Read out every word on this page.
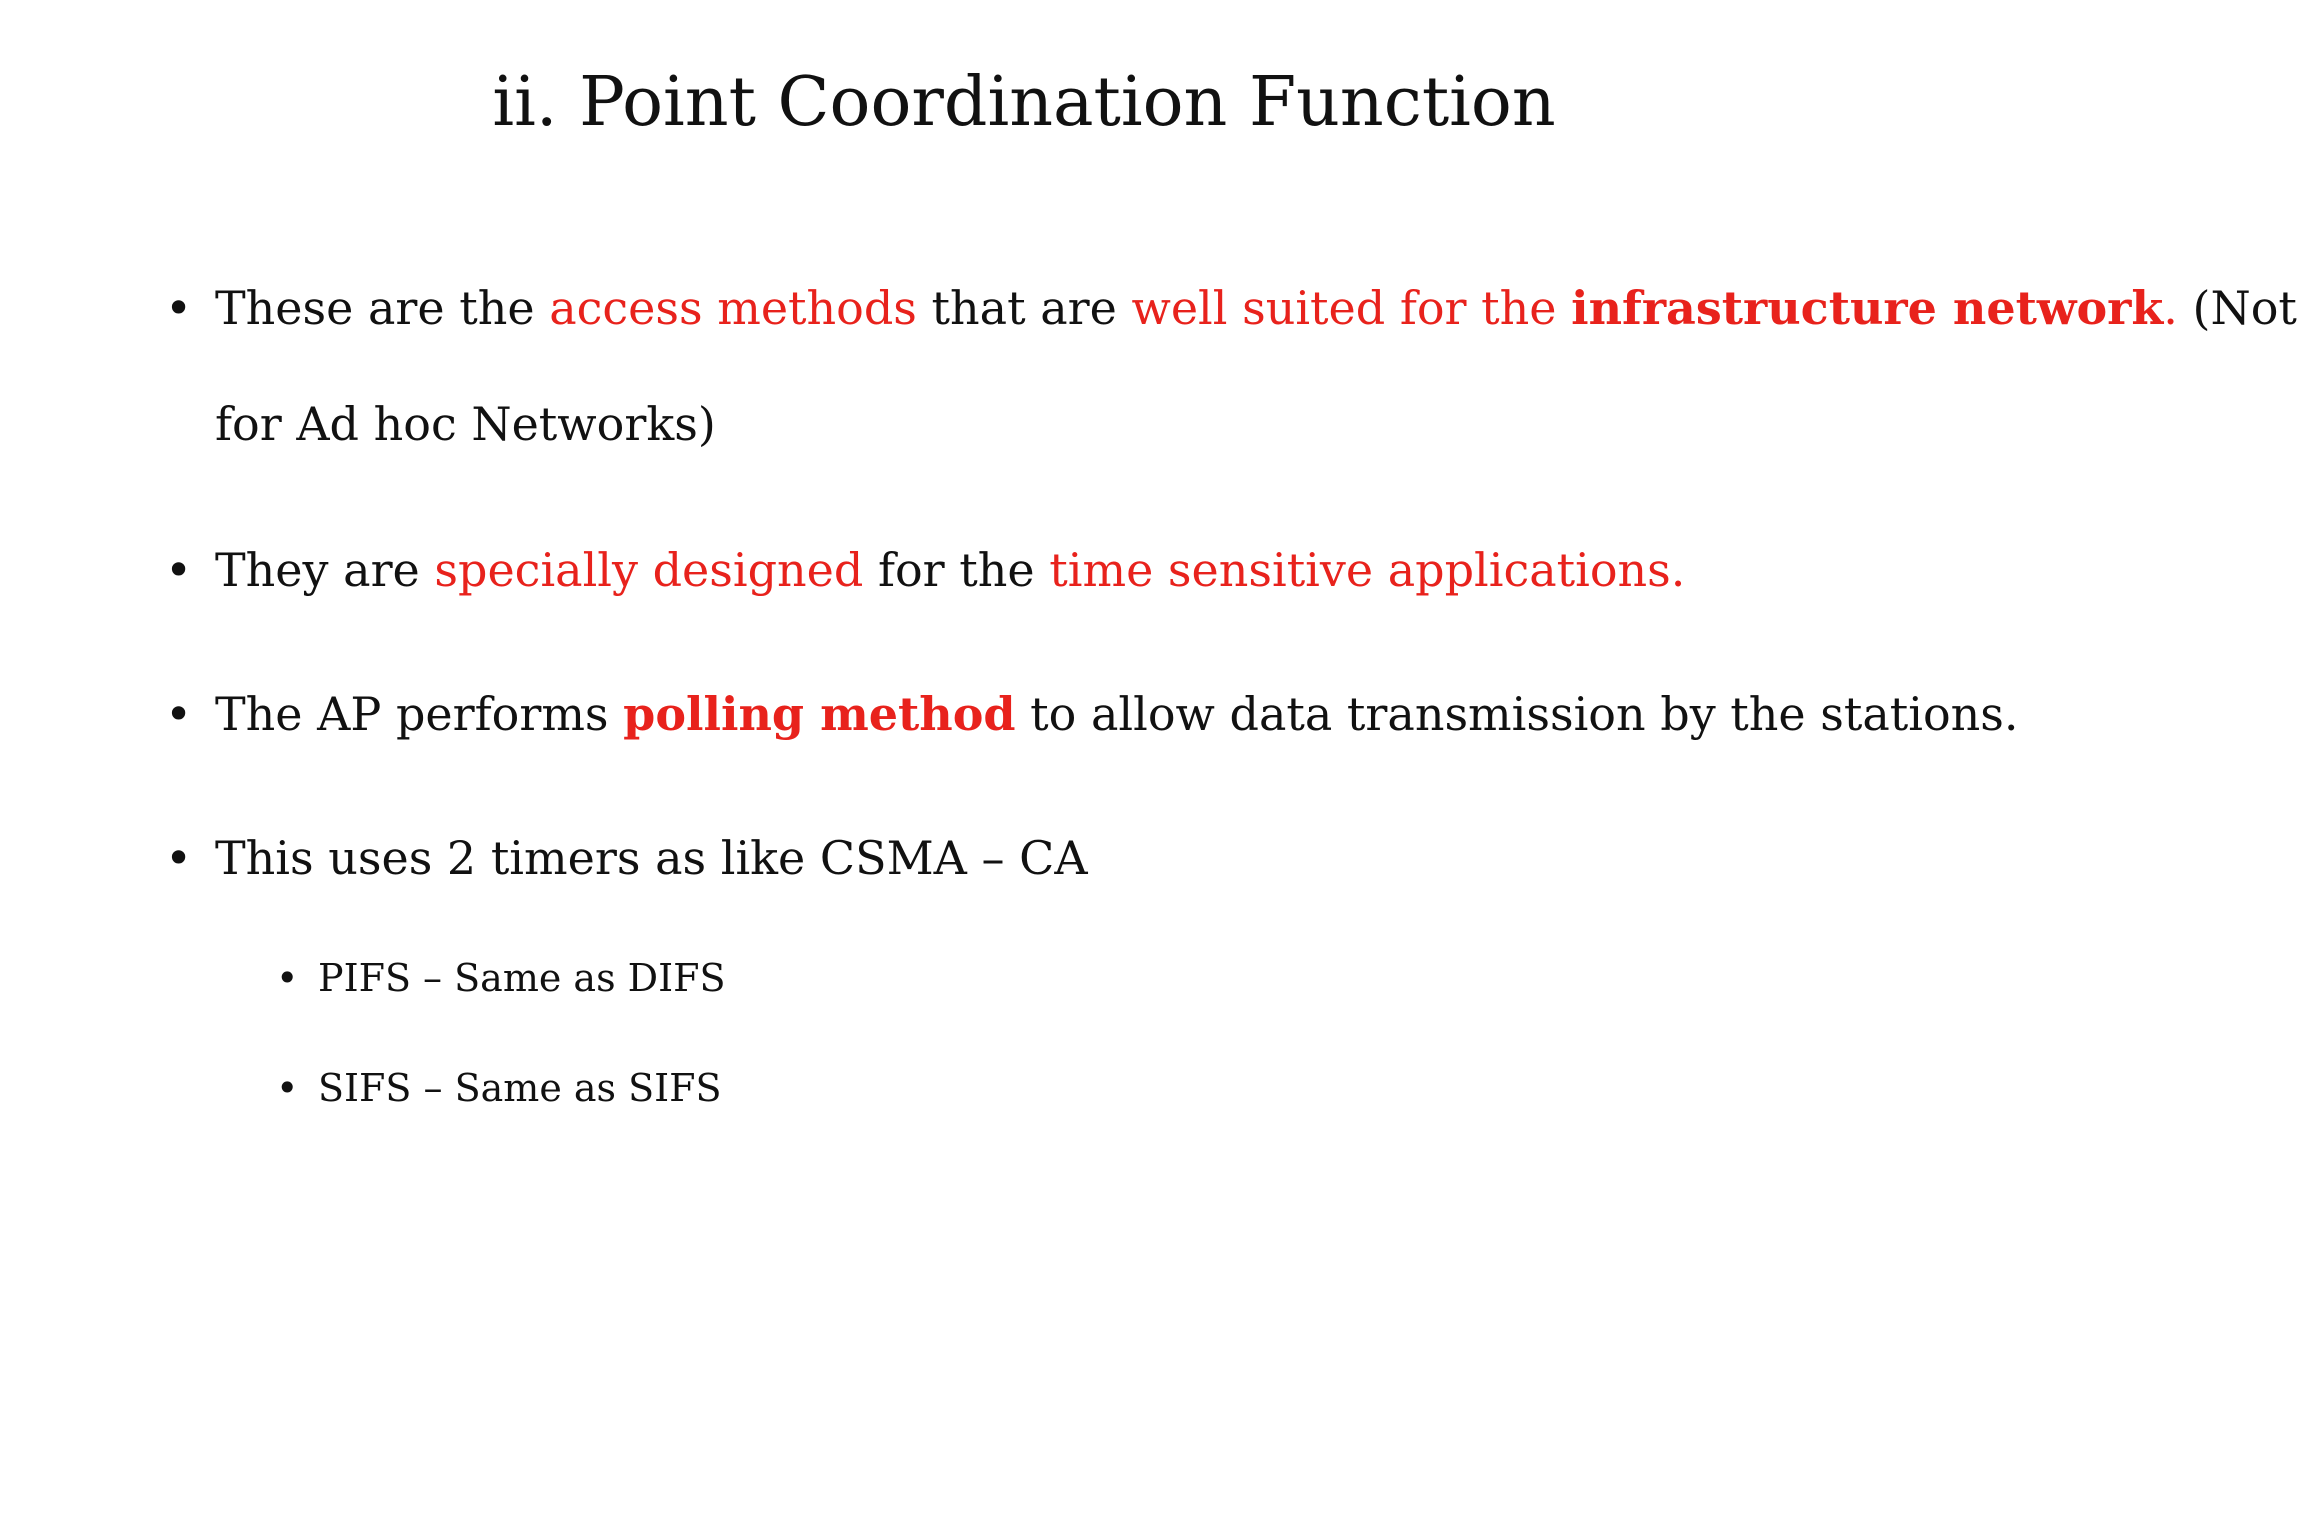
ii. Point Coordination Function
• These are the access methods that are well suited for the infrastructure network. (Not
for Ad hoc Networks)
• They are specially designed for the time sensitive applications.
• The AP performs polling method to allow data transmission by the stations.
• This uses 2 timers as like CSMA – CA
• PIFS – Same as DIFS
• SIFS – Same as SIFS
